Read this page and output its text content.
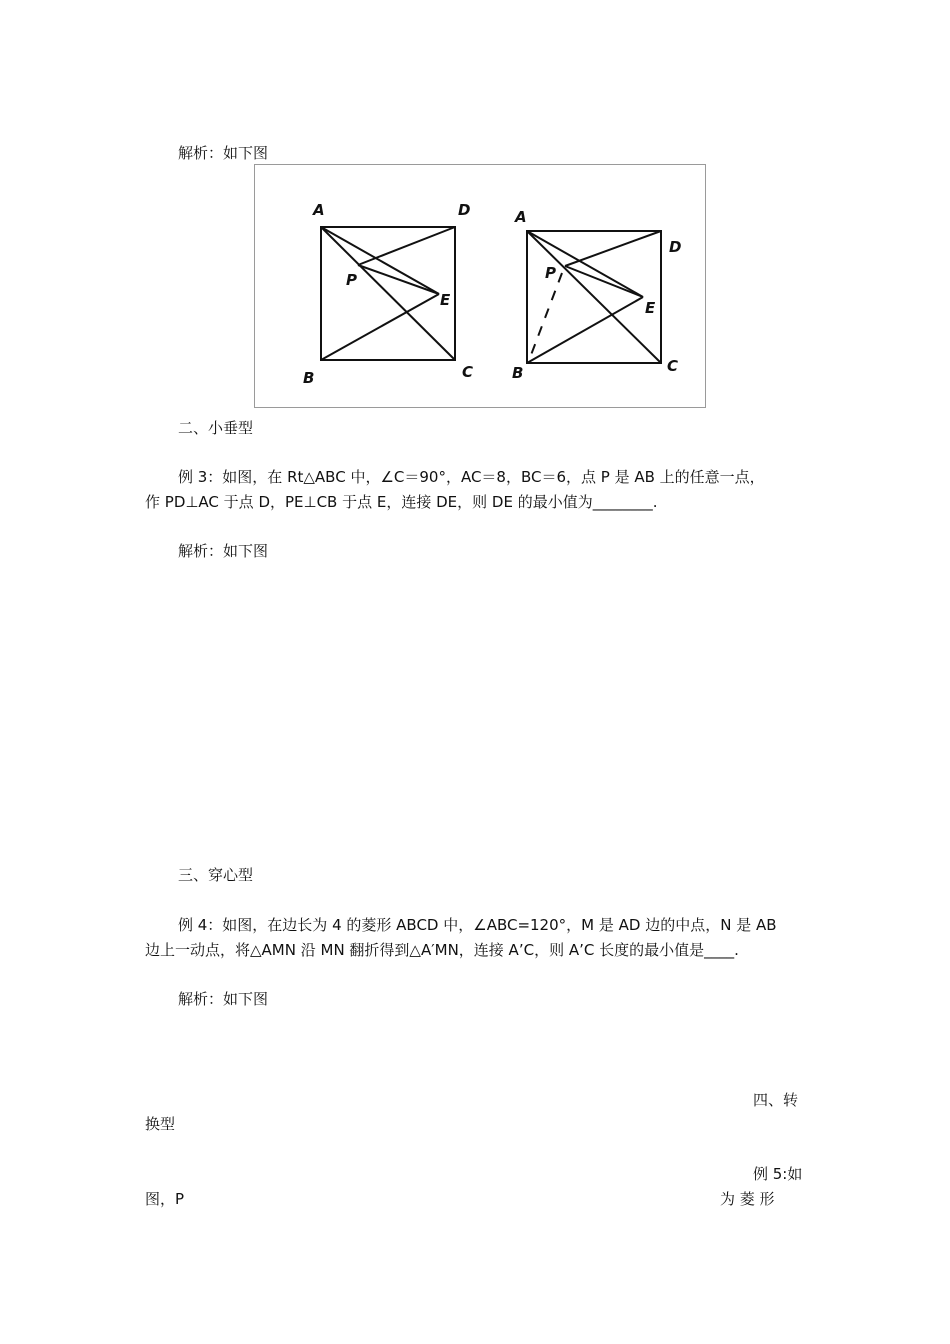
解析：如下图
A	D
P
E
B	C
A
D
P
E
B	C
二、小垂型
例 3：如图，在 Rt△ABC 中，∠C＝90°，AC＝8，BC＝6，点 P 是 AB 上的任意一点，
作 PD⊥AC 于点 D，PE⊥CB 于点 E，连接 DE，则 DE 的最小值为________.
解析：如下图
三、穿心型
例 4：如图，在边长为 4 的菱形 ABCD 中，∠ABC=120°，M 是 AD 边的中点，N 是 AB
边上一动点，将△AMN 沿 MN 翻折得到△A′MN，连接 A’C，则 A’C 长度的最小值是____.
解析：如下图
四、转
换型
例 5:如
图，P	为 菱 形
